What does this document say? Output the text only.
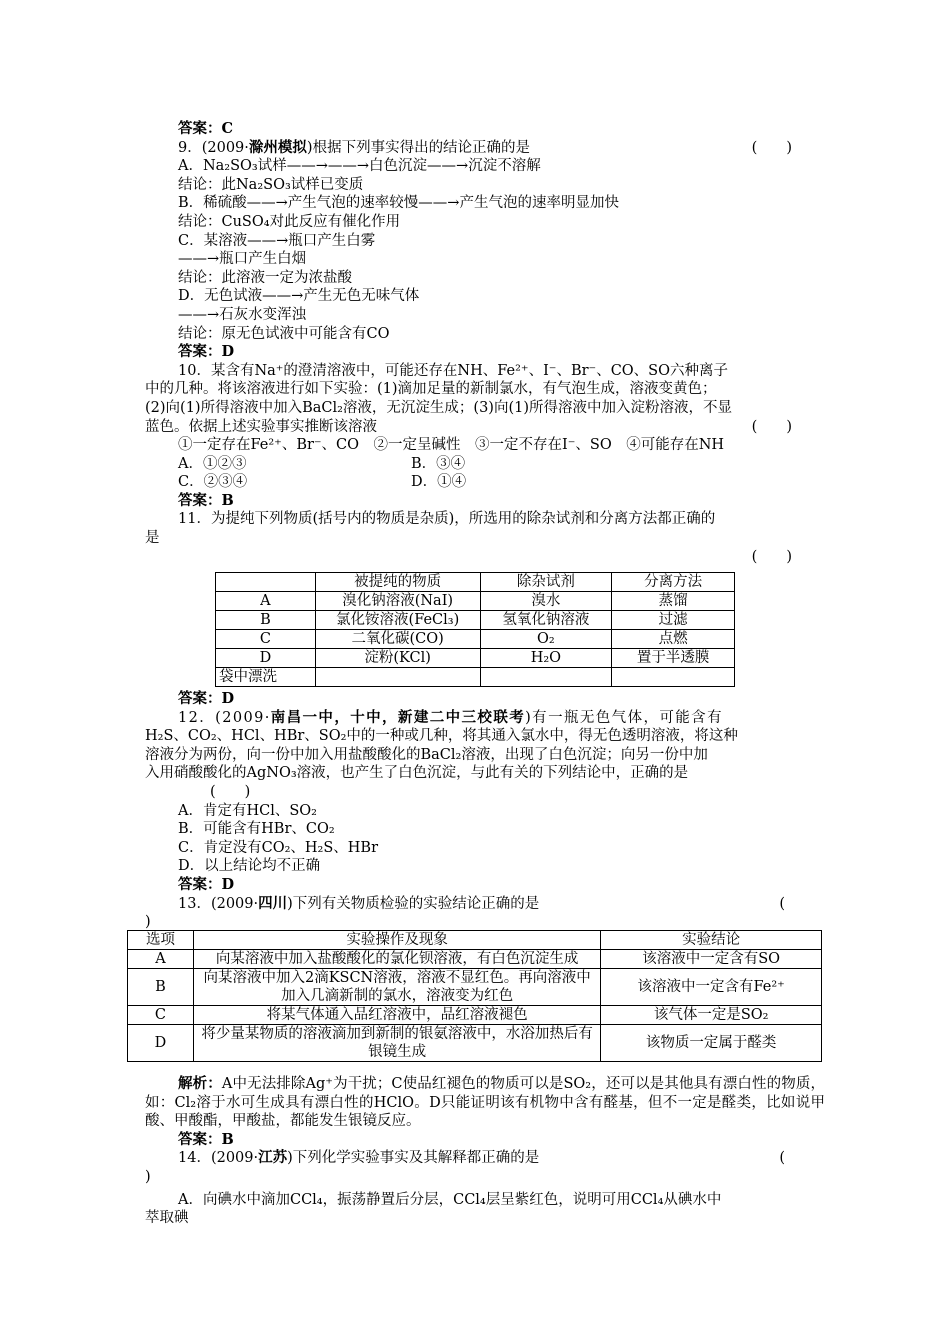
答案：C
9．(2009·滁州模拟)根据下列事实得出的结论正确的是	(　　)
A．Na₂SO₃试样——→——→白色沉淀——→沉淀不溶解
结论：此Na₂SO₃试样已变质
B．稀硫酸——→产生气泡的速率较慢——→产生气泡的速率明显加快
结论：CuSO₄对此反应有催化作用
C．某溶液——→瓶口产生白雾
——→瓶口产生白烟
结论：此溶液一定为浓盐酸
D．无色试液——→产生无色无味气体
——→石灰水变浑浊
结论：原无色试液中可能含有CO
答案：D
10．某含有Na⁺的澄清溶液中，可能还存在NH、Fe²⁺、I⁻、Br⁻、CO、SO六种离子
中的几种。将该溶液进行如下实验：(1)滴加足量的新制氯水，有气泡生成，溶液变黄色；
(2)向(1)所得溶液中加入BaCl₂溶液，无沉淀生成；(3)向(1)所得溶液中加入淀粉溶液，不显
蓝色。依据上述实验事实推断该溶液	(　　)
①一定存在Fe²⁺、Br⁻、CO　②一定呈碱性　③一定不存在I⁻、SO　④可能存在NH
A．①②③	B．③④
C．②③④	D．①④
答案：B
11．为提纯下列物质(括号内的物质是杂质)，所选用的除杂试剂和分离方法都正确的
是
(　　)
	被提纯的物质	除杂试剂	分离方法
A	溴化钠溶液(NaI)	溴水	蒸馏
B	氯化铵溶液(FeCl₃)	氢氧化钠溶液	过滤
C	二氧化碳(CO)	O₂	点燃
D	淀粉(KCl)	H₂O	置于半透膜
袋中漂洗			
答案：D
12．(2009·南昌一中，十中，新建二中三校联考)有一瓶无色气体，可能含有
H₂S、CO₂、HCl、HBr、SO₂中的一种或几种，将其通入氯水中，得无色透明溶液，将这种
溶液分为两份，向一份中加入用盐酸酸化的BaCl₂溶液，出现了白色沉淀；向另一份中加
入用硝酸酸化的AgNO₃溶液，也产生了白色沉淀，与此有关的下列结论中，正确的是
(　　)
A．肯定有HCl、SO₂
B．可能含有HBr、CO₂
C．肯定没有CO₂、H₂S、HBr
D．以上结论均不正确
答案：D
13．(2009·四川)下列有关物质检验的实验结论正确的是	(
)
选项	实验操作及现象	实验结论
A	向某溶液中加入盐酸酸化的氯化钡溶液，有白色沉淀生成	该溶液中一定含有SO
B	向某溶液中加入2滴KSCN溶液，溶液不显红色。再向溶液中加入几滴新制的氯水，溶液变为红色	该溶液中一定含有Fe²⁺
C	将某气体通入品红溶液中，品红溶液褪色	该气体一定是SO₂
D	将少量某物质的溶液滴加到新制的银氨溶液中，水浴加热后有银镜生成	该物质一定属于醛类
解析：A中无法排除Ag⁺为干扰；C使品红褪色的物质可以是SO₂，还可以是其他具有漂白性的物质，如：Cl₂溶于水可生成具有漂白性的HClO。D只能证明该有机物中含有醛基，但不一定是醛类，比如说甲酸、甲酸酯，甲酸盐，都能发生银镜反应。
答案：B
14．(2009·江苏)下列化学实验事实及其解释都正确的是	(
)
A．向碘水中滴加CCl₄，振荡静置后分层，CCl₄层呈紫红色，说明可用CCl₄从碘水中
萃取碘
